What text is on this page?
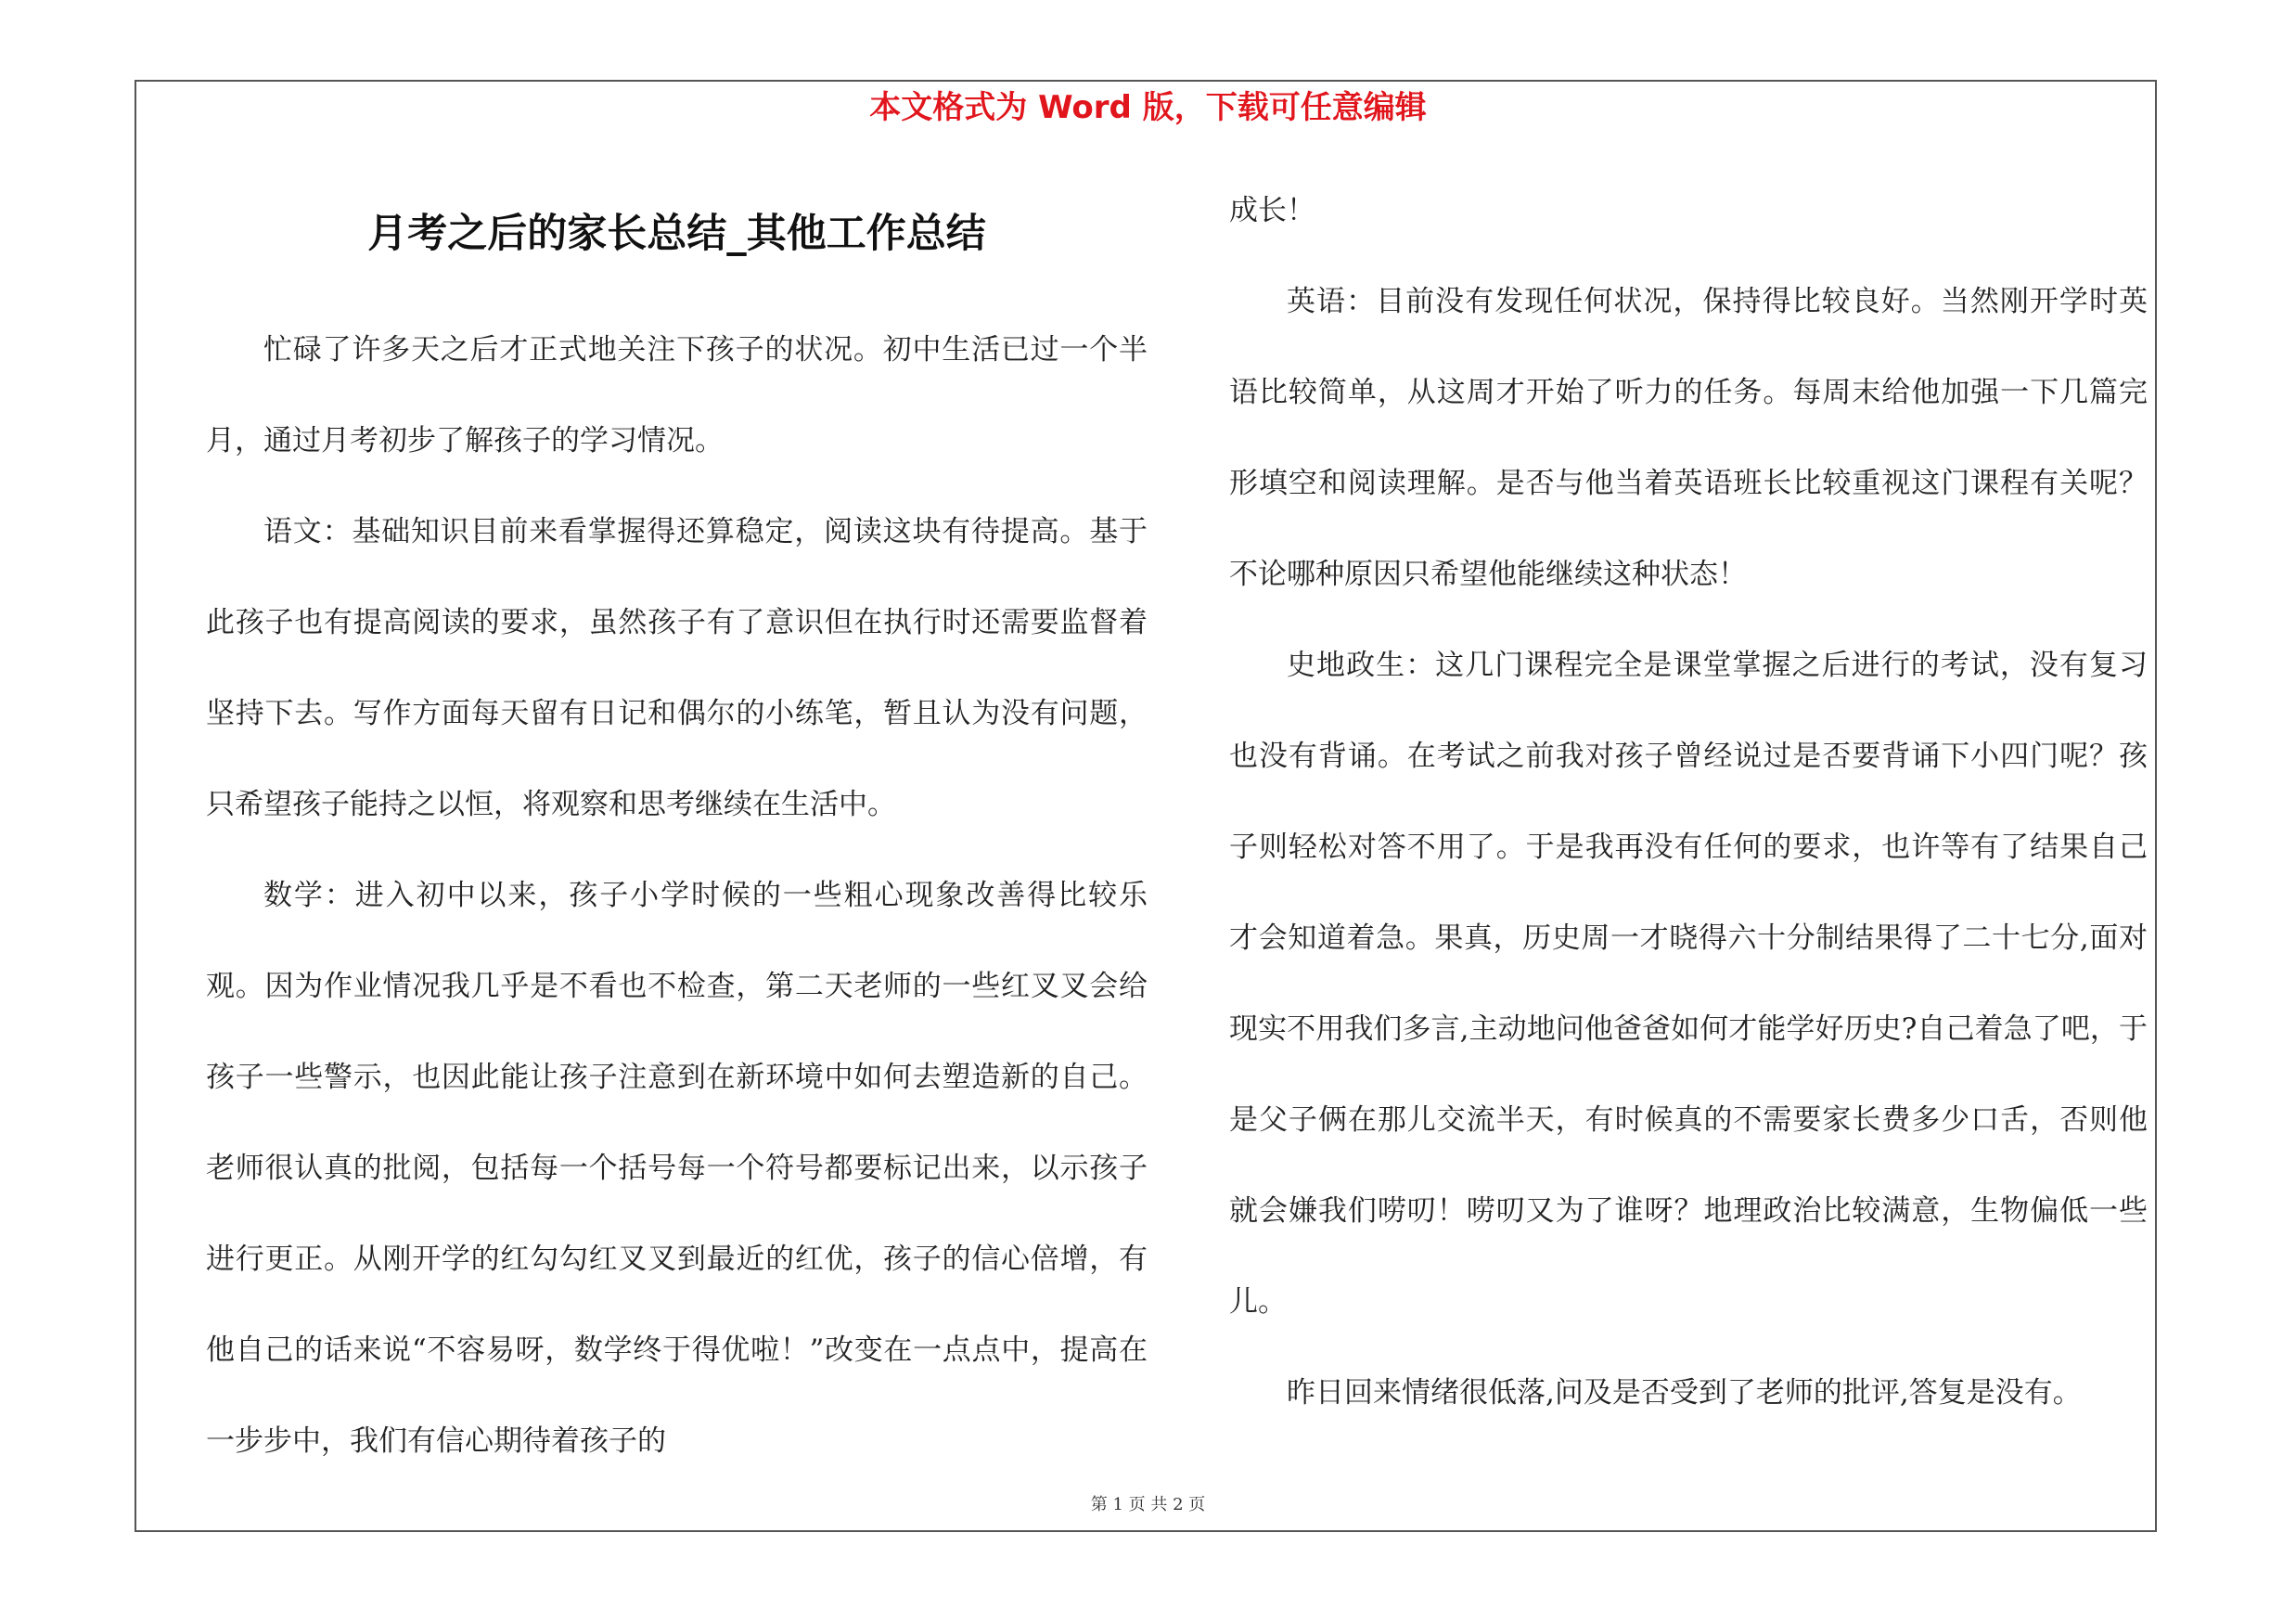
本文格式为 Word 版，下载可任意编辑
月考之后的家长总结_其他工作总结

忙碌了许多天之后才正式地关注下孩子的状况。初中生活已过一个半月，通过月考初步了解孩子的学习情况。

语文：基础知识目前来看掌握得还算稳定，阅读这块有待提高。基于此孩子也有提高阅读的要求，虽然孩子有了意识但在执行时还需要监督着坚持下去。写作方面每天留有日记和偶尔的小练笔，暂且认为没有问题，只希望孩子能持之以恒，将观察和思考继续在生活中。

数学：进入初中以来，孩子小学时候的一些粗心现象改善得比较乐观。因为作业情况我几乎是不看也不检查，第二天老师的一些红叉叉会给孩子一些警示，也因此能让孩子注意到在新环境中如何去塑造新的自己。老师很认真的批阅，包括每一个括号每一个符号都要标记出来，以示孩子进行更正。从刚开学的红勾勾红叉叉到最近的红优，孩子的信心倍增，有他自己的话来说“不容易呀，数学终于得优啦！”改变在一点点中，提高在一步步中，我们有信心期待着孩子的

成长！

英语：目前没有发现任何状况，保持得比较良好。当然刚开学时英语比较简单，从这周才开始了听力的任务。每周末给他加强一下几篇完形填空和阅读理解。是否与他当着英语班长比较重视这门课程有关呢？不论哪种原因只希望他能继续这种状态！

史地政生：这几门课程完全是课堂掌握之后进行的考试，没有复习也没有背诵。在考试之前我对孩子曾经说过是否要背诵下小四门呢？孩子则轻松对答不用了。于是我再没有任何的要求，也许等有了结果自己才会知道着急。果真，历史周一才晓得六十分制结果得了二十七分,面对现实不用我们多言,主动地问他爸爸如何才能学好历史?自己着急了吧，于是父子俩在那儿交流半天，有时候真的不需要家长费多少口舌，否则他就会嫌我们唠叨！唠叨又为了谁呀？地理政治比较满意，生物偏低一些儿。

昨日回来情绪很低落,问及是否受到了老师的批评,答复是没有。

第 1 页 共 2 页
